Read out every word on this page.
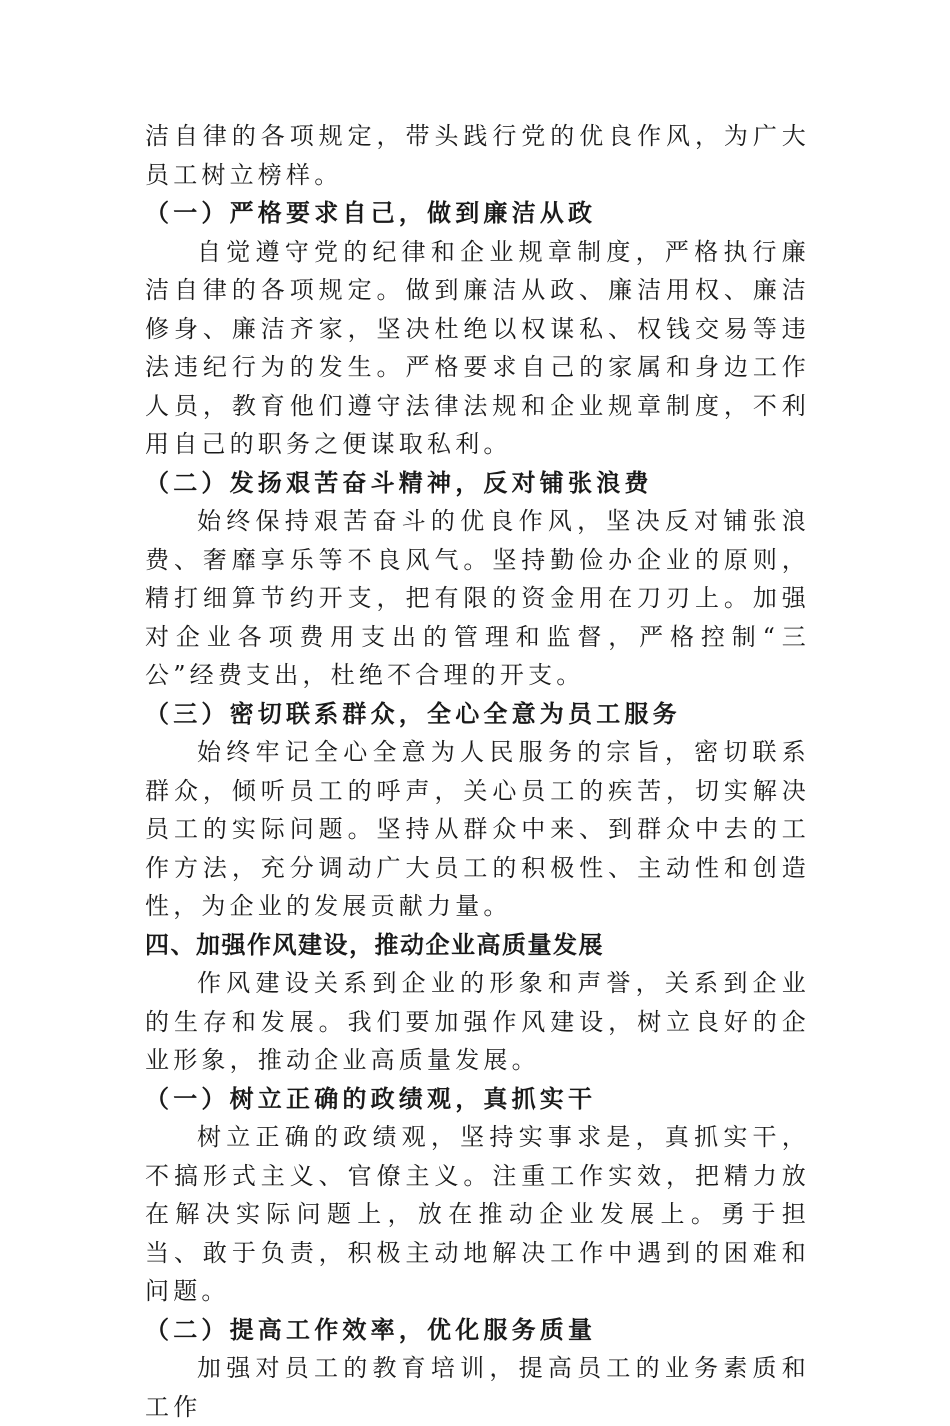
洁自律的各项规定，带头践行党的优良作风，为广大员工树立榜样。

（一）严格要求自己，做到廉洁从政

自觉遵守党的纪律和企业规章制度，严格执行廉洁自律的各项规定。做到廉洁从政、廉洁用权、廉洁修身、廉洁齐家，坚决杜绝以权谋私、权钱交易等违法违纪行为的发生。严格要求自己的家属和身边工作人员，教育他们遵守法律法规和企业规章制度，不利用自己的职务之便谋取私利。

（二）发扬艰苦奋斗精神，反对铺张浪费

始终保持艰苦奋斗的优良作风，坚决反对铺张浪费、奢靡享乐等不良风气。坚持勤俭办企业的原则，精打细算节约开支，把有限的资金用在刀刃上。加强对企业各项费用支出的管理和监督，严格控制“三公”经费支出，杜绝不合理的开支。

（三）密切联系群众，全心全意为员工服务

始终牢记全心全意为人民服务的宗旨，密切联系群众，倾听员工的呼声，关心员工的疾苦，切实解决员工的实际问题。坚持从群众中来、到群众中去的工作方法，充分调动广大员工的积极性、主动性和创造性，为企业的发展贡献力量。

四、加强作风建设，推动企业高质量发展

作风建设关系到企业的形象和声誉，关系到企业的生存和发展。我们要加强作风建设，树立良好的企业形象，推动企业高质量发展。

（一）树立正确的政绩观，真抓实干

树立正确的政绩观，坚持实事求是，真抓实干，不搞形式主义、官僚主义。注重工作实效，把精力放在解决实际问题上，放在推动企业发展上。勇于担当、敢于负责，积极主动地解决工作中遇到的困难和问题。

（二）提高工作效率，优化服务质量

加强对员工的教育培训，提高员工的业务素质和工作
